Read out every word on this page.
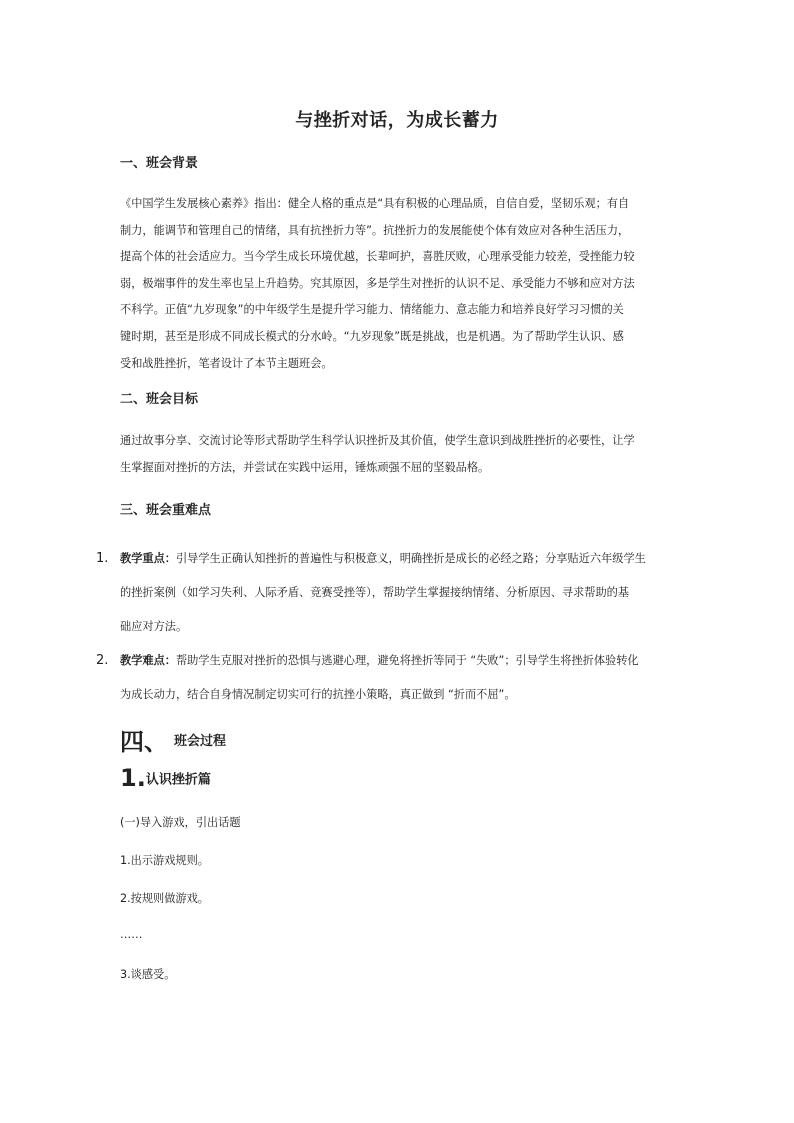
与挫折对话，为成长蓄力
一、班会背景
《中国学生发展核心素养》指出：健全人格的重点是“具有积极的心理品质，自信自爱，坚韧乐观；有自
制力，能调节和管理自己的情绪，具有抗挫折力等”。抗挫折力的发展能使个体有效应对各种生活压力，
提高个体的社会适应力。当今学生成长环境优越，长辈呵护，喜胜厌败，心理承受能力较差，受挫能力较
弱，极端事件的发生率也呈上升趋势。究其原因，多是学生对挫折的认识不足、承受能力不够和应对方法
不科学。正值“九岁现象”的中年级学生是提升学习能力、情绪能力、意志能力和培养良好学习习惯的关
键时期，甚至是形成不同成长模式的分水岭。“九岁现象”既是挑战，也是机遇。为了帮助学生认识、感
受和战胜挫折，笔者设计了本节主题班会。
二、班会目标
通过故事分享、交流讨论等形式帮助学生科学认识挫折及其价值，使学生意识到战胜挫折的必要性，让学
生掌握面对挫折的方法，并尝试在实践中运用，锤炼顽强不屈的坚毅品格。
三、班会重难点
1. 教学重点：引导学生正确认知挫折的普遍性与积极意义，明确挫折是成长的必经之路；分享贴近六年级学生
的挫折案例（如学习失利、人际矛盾、竞赛受挫等），帮助学生掌握接纳情绪、分析原因、寻求帮助的基
础应对方法。
2. 教学难点：帮助学生克服对挫折的恐惧与逃避心理，避免将挫折等同于 “失败”；引导学生将挫折体验转化
为成长动力，结合自身情况制定切实可行的抗挫小策略，真正做到 “折而不屈”。
四、 班会过程
1.认识挫折篇
(一)导入游戏，引出话题
1.出示游戏规则。
2.按规则做游戏。
……
3.谈感受。
